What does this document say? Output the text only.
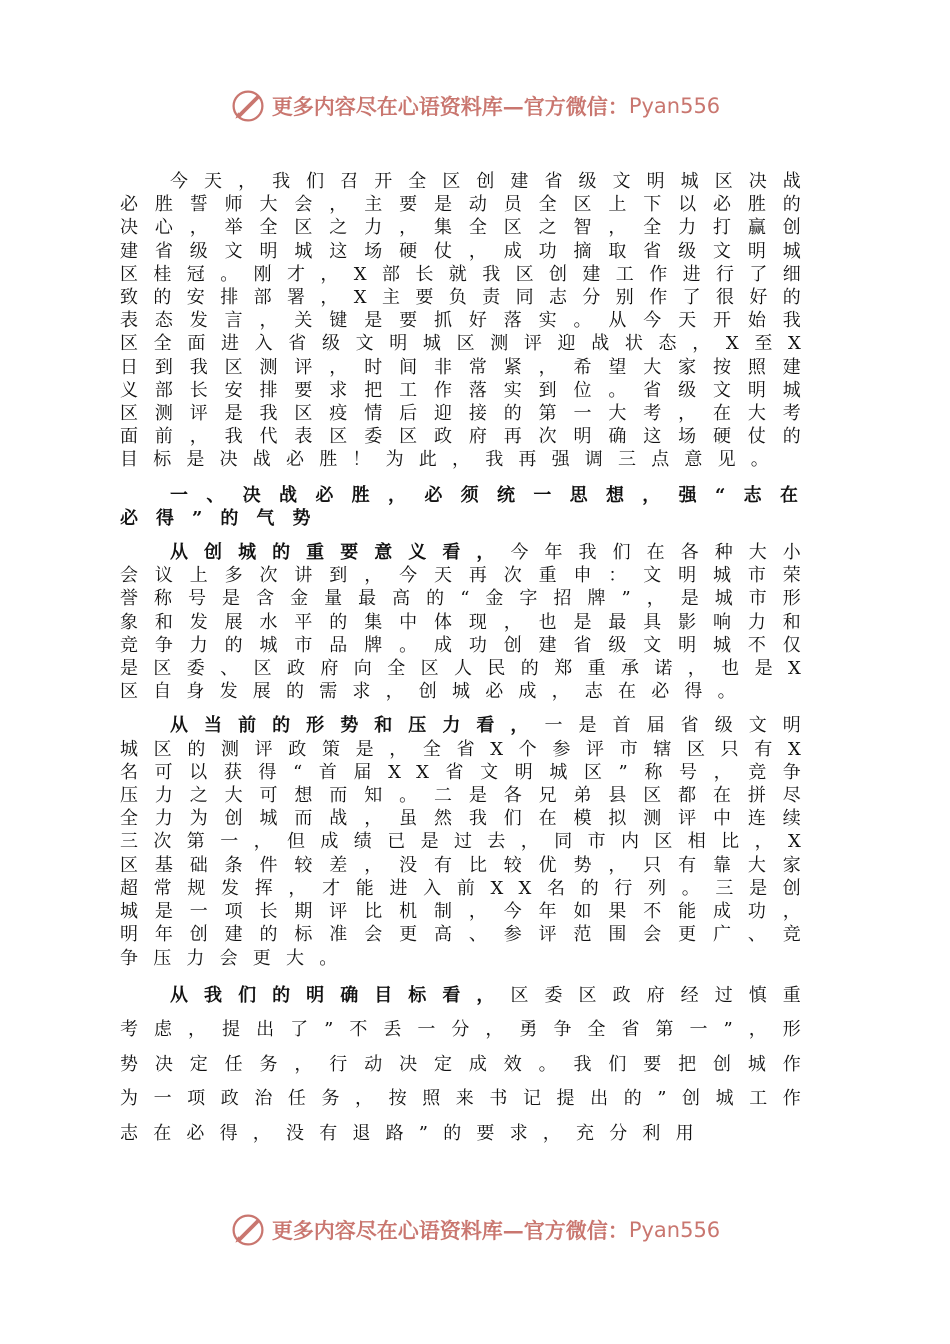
更多内容尽在心语资料库—官方微信： Pyan556

今天，我们召开全区创建省级文明城区决战必胜誓师大会，主要是动员全区上下以必胜的决心，举全区之力，集全区之智，全力打赢创建省级文明城这场硬仗，成功摘取省级文明城区桂冠。刚才，X部长就我区创建工作进行了细致的安排部署，X主要负责同志分别作了很好的表态发言，关键是要抓好落实。从今天开始我区全面进入省级文明城区测评迎战状态，X至X日到我区测评，时间非常紧，希望大家按照建义部长安排要求把工作落实到位。省级文明城区测评是我区疫情后迎接的第一大考，在大考面前，我代表区委区政府再次明确这场硬仗的目标是决战必胜！为此，我再强调三点意见。

一、决战必胜，必须统一思想，强“志在必得”的气势

从创城的重要意义看，今年我们在各种大小会议上多次讲到，今天再次重申：文明城市荣誉称号是含金量最高的“金字招牌”，是城市形象和发展水平的集中体现，也是最具影响力和竞争力的城市品牌。成功创建省级文明城不仅是区委、区政府向全区人民的郑重承诺，也是X区自身发展的需求，创城必成，志在必得。

从当前的形势和压力看，一是首届省级文明城区的测评政策是，全省X个参评市辖区只有X名可以获得“首届XX省文明城区”称号，竞争压力之大可想而知。二是各兄弟县区都在拼尽全力为创城而战，虽然我们在模拟测评中连续三次第一，但成绩已是过去，同市内区相比，X区基础条件较差，没有比较优势，只有靠大家超常规发挥，才能进入前XX名的行列。三是创城是一项长期评比机制，今年如果不能成功，明年创建的标准会更高、参评范围会更广、竞争压力会更大。

从我们的明确目标看，区委区政府经过慎重考虑，提出了”不丢一分，勇争全省第一”，形势决定任务，行动决定成效。我们要把创城作为一项政治任务，按照来书记提出的”创城工作志在必得，没有退路”的要求，充分利用

更多内容尽在心语资料库—官方微信： Pyan556
